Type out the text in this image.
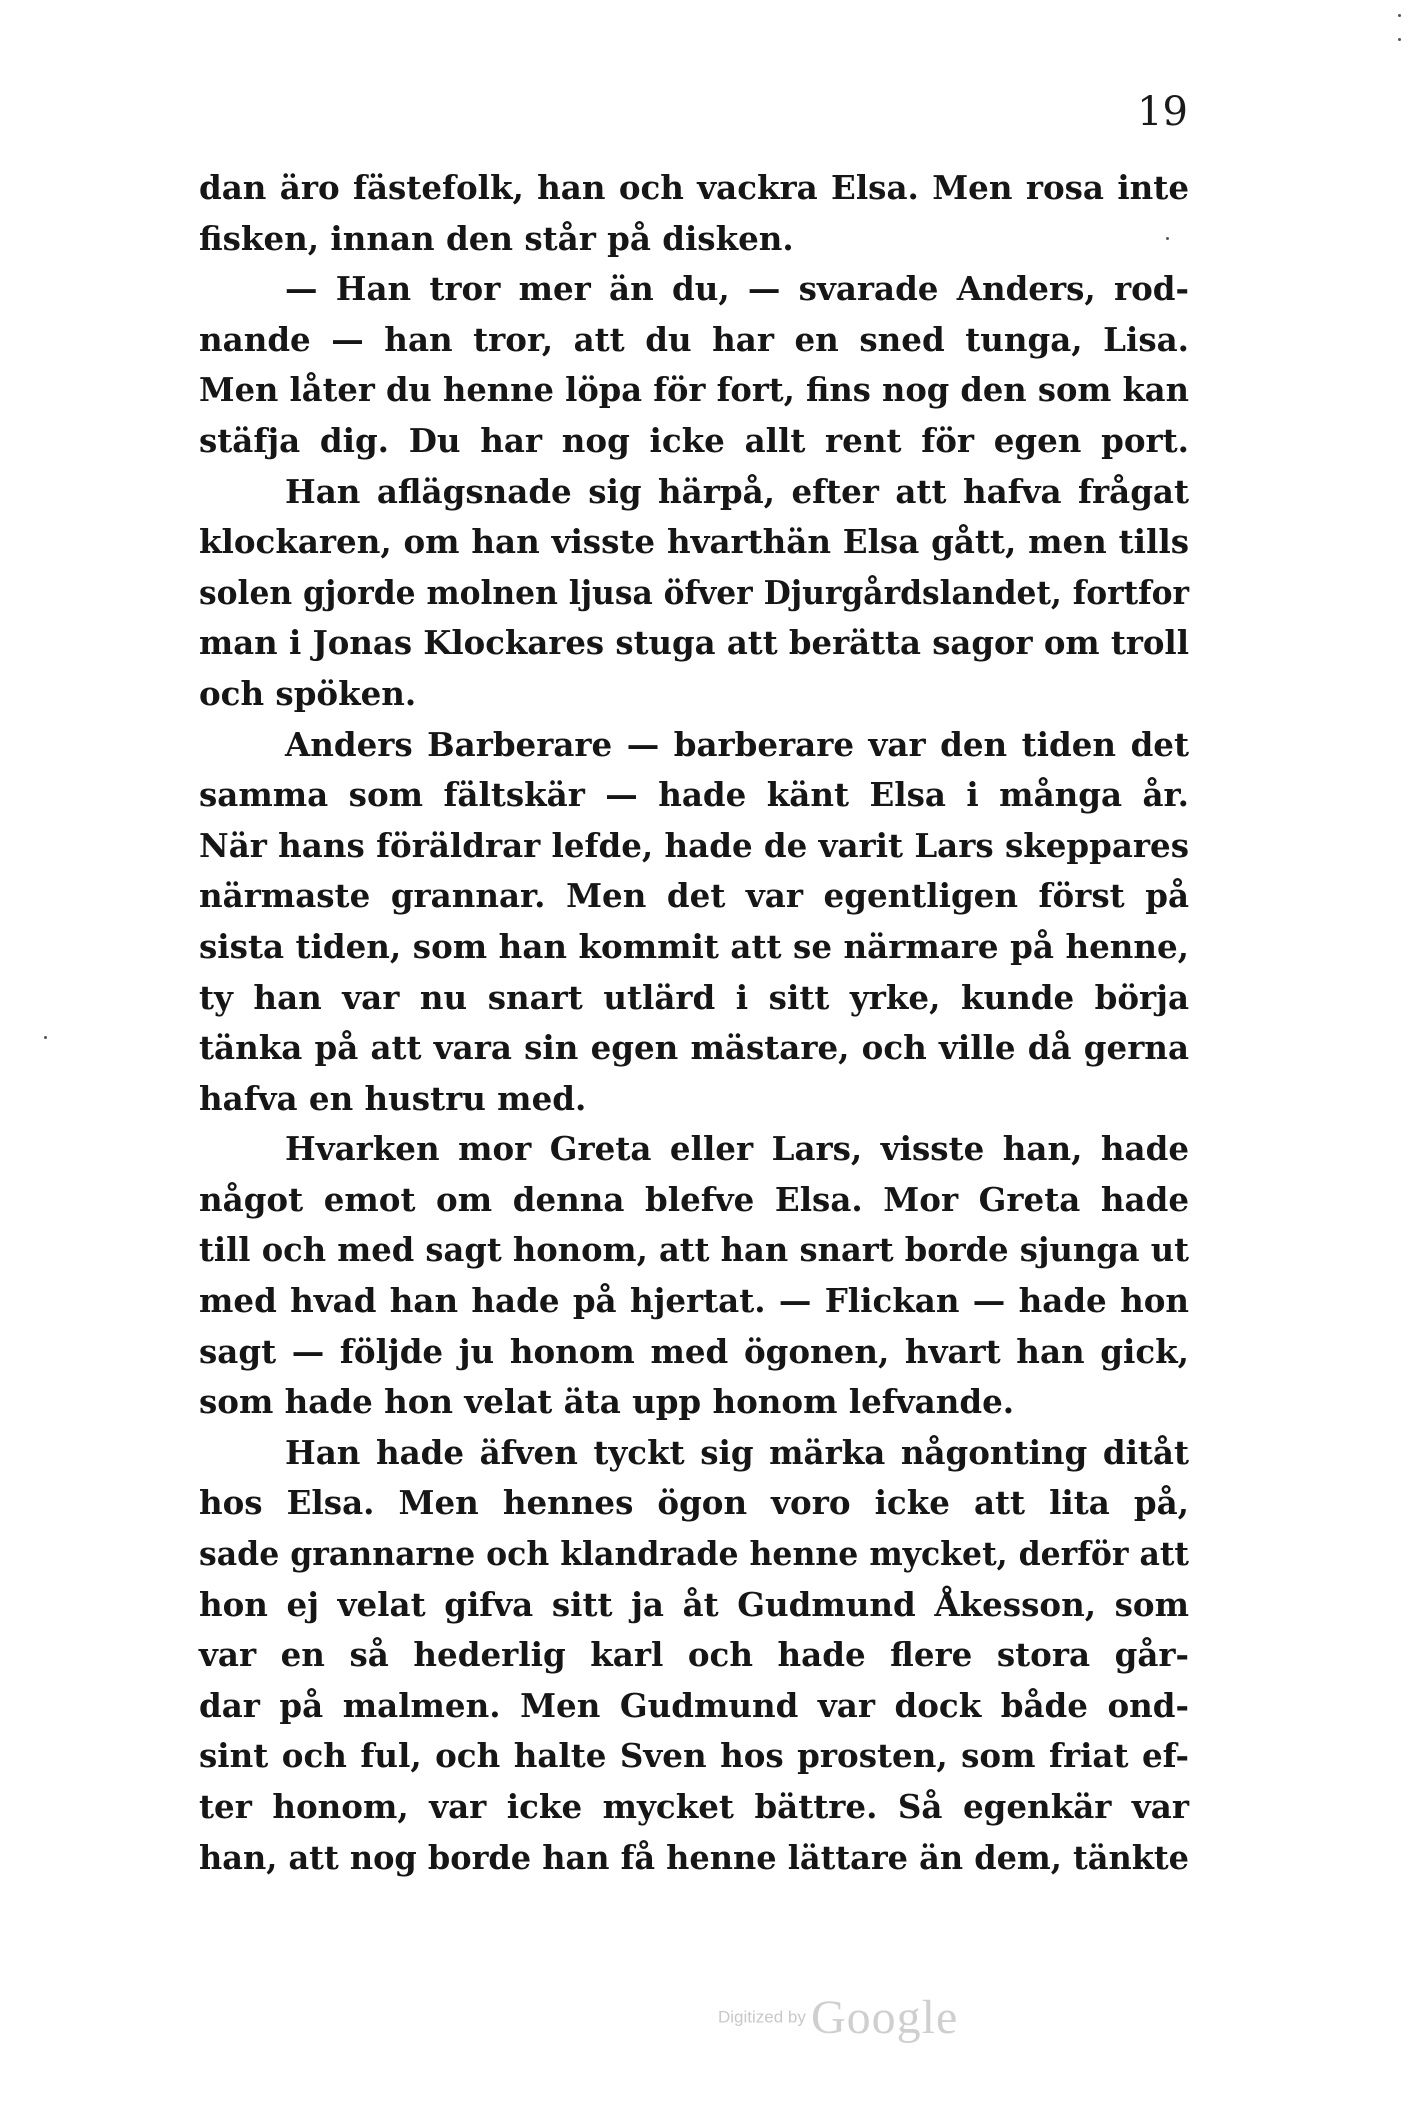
19
dan äro fästefolk, han och vackra Elsa. Men rosa inte
fisken, innan den står på disken.
— Han tror mer än du, — svarade Anders, rod-
nande — han tror, att du har en sned tunga, Lisa.
Men låter du henne löpa för fort, fins nog den som kan
stäfja dig. Du har nog icke allt rent för egen port.
Han aflägsnade sig härpå, efter att hafva frågat
klockaren, om han visste hvarthän Elsa gått, men tills
solen gjorde molnen ljusa öfver Djurgårdslandet, fortfor
man i Jonas Klockares stuga att berätta sagor om troll
och spöken.
Anders Barberare — barberare var den tiden det
samma som fältskär — hade känt Elsa i många år.
När hans föräldrar lefde, hade de varit Lars skeppares
närmaste grannar. Men det var egentligen först på
sista tiden, som han kommit att se närmare på henne,
ty han var nu snart utlärd i sitt yrke, kunde börja
tänka på att vara sin egen mästare, och ville då gerna
hafva en hustru med.
Hvarken mor Greta eller Lars, visste han, hade
något emot om denna blefve Elsa. Mor Greta hade
till och med sagt honom, att han snart borde sjunga ut
med hvad han hade på hjertat. — Flickan — hade hon
sagt — följde ju honom med ögonen, hvart han gick,
som hade hon velat äta upp honom lefvande.
Han hade äfven tyckt sig märka någonting ditåt
hos Elsa. Men hennes ögon voro icke att lita på,
sade grannarne och klandrade henne mycket, derför att
hon ej velat gifva sitt ja åt Gudmund Åkesson, som
var en så hederlig karl och hade flere stora går-
dar på malmen. Men Gudmund var dock både ond-
sint och ful, och halte Sven hos prosten, som friat ef-
ter honom, var icke mycket bättre. Så egenkär var
han, att nog borde han få henne lättare än dem, tänkte
Digitized by Google
